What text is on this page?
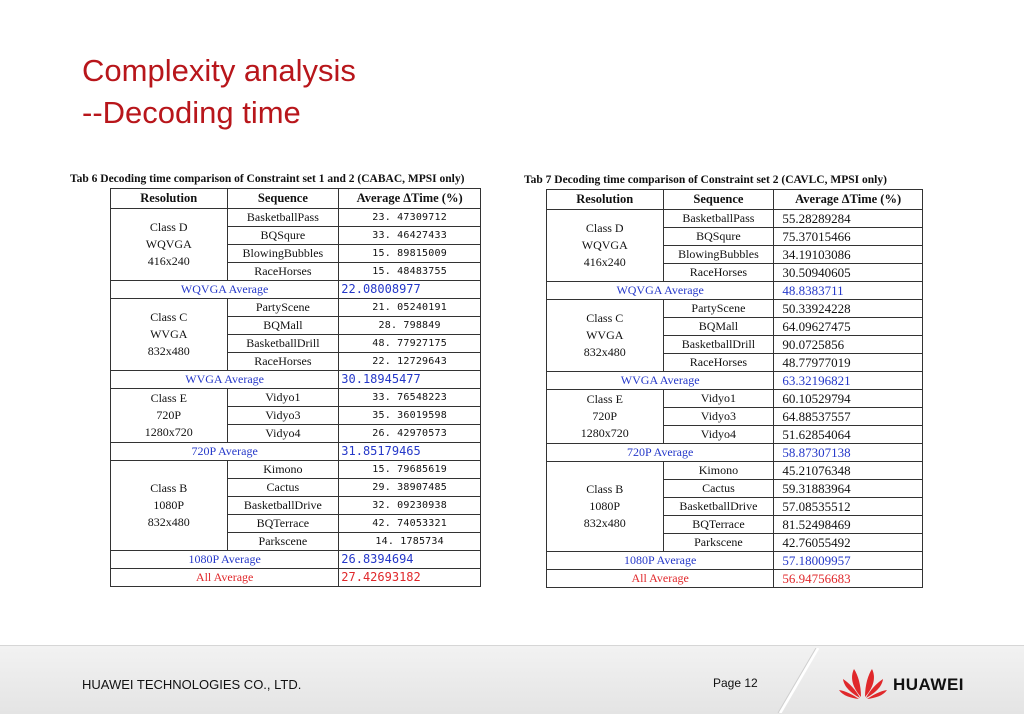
Complexity analysis
--Decoding time
Tab 6 Decoding time comparison of Constraint set 1 and 2 (CABAC, MPSI only)	Tab 7 Decoding time comparison of Constraint set 2 (CAVLC, MPSI only)
Resolution	Sequence	Average ΔTime (%)

Class D
WQVGA
416x240	BasketballPass	23. 47309712
	BQSqure	33. 46427433
	BlowingBubbles	15. 89815009
	RaceHorses	15. 48483755
WQVGA Average		22.08008977

Class C
WVGA
832x480	PartyScene	21. 05240191
	BQMall	28. 798849
	BasketballDrill	48. 77927175
	RaceHorses	22. 12729643
WVGA Average		30.18945477

Class E
720P
1280x720	Vidyo1	33. 76548223
	Vidyo3	35. 36019598
	Vidyo4	26. 42970573
720P Average		31.85179465

Class B
1080P
832x480	Kimono	15. 79685619
	Cactus	29. 38907485
	BasketballDrive	32. 09230938
	BQTerrace	42. 74053321
	Parkscene	14. 1785734
1080P Average		26.8394694
All Average		27.42693182
Resolution	Sequence	Average ΔTime (%)

Class D
WQVGA
416x240	BasketballPass	55.28289284
	BQSqure	75.37015466
	BlowingBubbles	34.19103086
	RaceHorses	30.50940605
WQVGA Average		48.8383711

Class C
WVGA
832x480	PartyScene	50.33924228
	BQMall	64.09627475
	BasketballDrill	90.0725856
	RaceHorses	48.77977019
WVGA Average		63.32196821

Class E
720P
1280x720	Vidyo1	60.10529794
	Vidyo3	64.88537557
	Vidyo4	51.62854064
720P Average		58.87307138

Class B
1080P
832x480	Kimono	45.21076348
	Cactus	59.31883964
	BasketballDrive	57.08535512
	BQTerrace	81.52498469
	Parkscene	42.76055492
1080P Average		57.18009957
All Average		56.94756683
HUAWEI TECHNOLOGIES CO., LTD.	Page 12	HUAWEI
